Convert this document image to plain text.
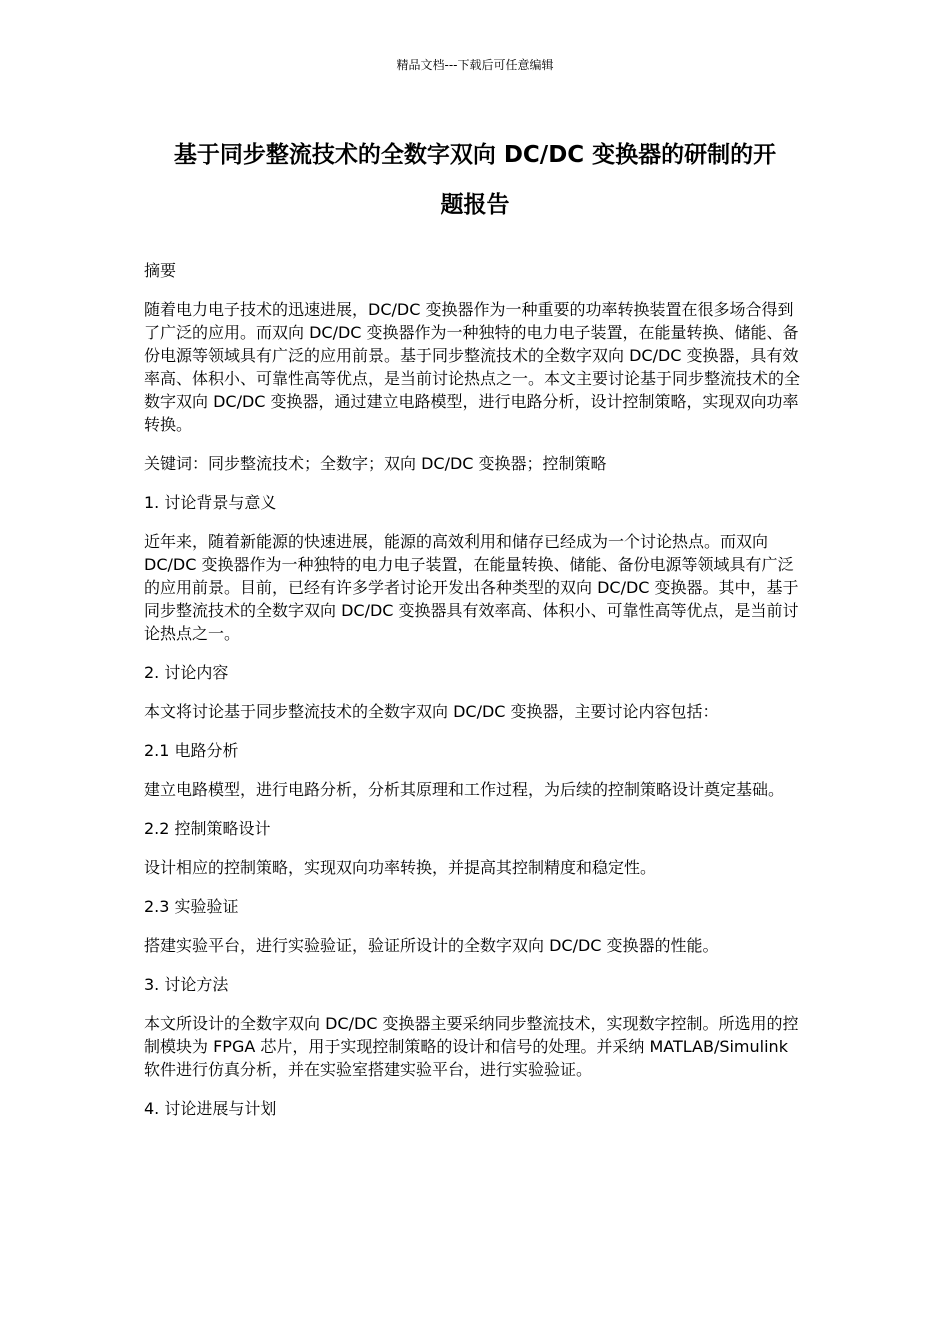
精品文档---下载后可任意编辑
基于同步整流技术的全数字双向 DC/DC 变换器的研制的开
题报告

摘要

随着电力电子技术的迅速进展，DC/DC 变换器作为一种重要的功率转换装置在很多场合得到了广泛的应用。而双向 DC/DC 变换器作为一种独特的电力电子装置，在能量转换、储能、备份电源等领域具有广泛的应用前景。基于同步整流技术的全数字双向 DC/DC 变换器，具有效率高、体积小、可靠性高等优点，是当前讨论热点之一。本文主要讨论基于同步整流技术的全数字双向 DC/DC 变换器，通过建立电路模型，进行电路分析，设计控制策略，实现双向功率转换。

关键词：同步整流技术；全数字；双向 DC/DC 变换器；控制策略

1. 讨论背景与意义

近年来，随着新能源的快速进展，能源的高效利用和储存已经成为一个讨论热点。而双向 DC/DC 变换器作为一种独特的电力电子装置，在能量转换、储能、备份电源等领域具有广泛的应用前景。目前，已经有许多学者讨论开发出各种类型的双向 DC/DC 变换器。其中，基于同步整流技术的全数字双向 DC/DC 变换器具有效率高、体积小、可靠性高等优点，是当前讨论热点之一。

2. 讨论内容

本文将讨论基于同步整流技术的全数字双向 DC/DC 变换器，主要讨论内容包括：

2.1 电路分析

建立电路模型，进行电路分析，分析其原理和工作过程，为后续的控制策略设计奠定基础。

2.2 控制策略设计

设计相应的控制策略，实现双向功率转换，并提高其控制精度和稳定性。

2.3 实验验证

搭建实验平台，进行实验验证，验证所设计的全数字双向 DC/DC 变换器的性能。

3. 讨论方法

本文所设计的全数字双向 DC/DC 变换器主要采纳同步整流技术，实现数字控制。所选用的控制模块为 FPGA 芯片，用于实现控制策略的设计和信号的处理。并采纳 MATLAB/Simulink 软件进行仿真分析，并在实验室搭建实验平台，进行实验验证。

4. 讨论进展与计划
